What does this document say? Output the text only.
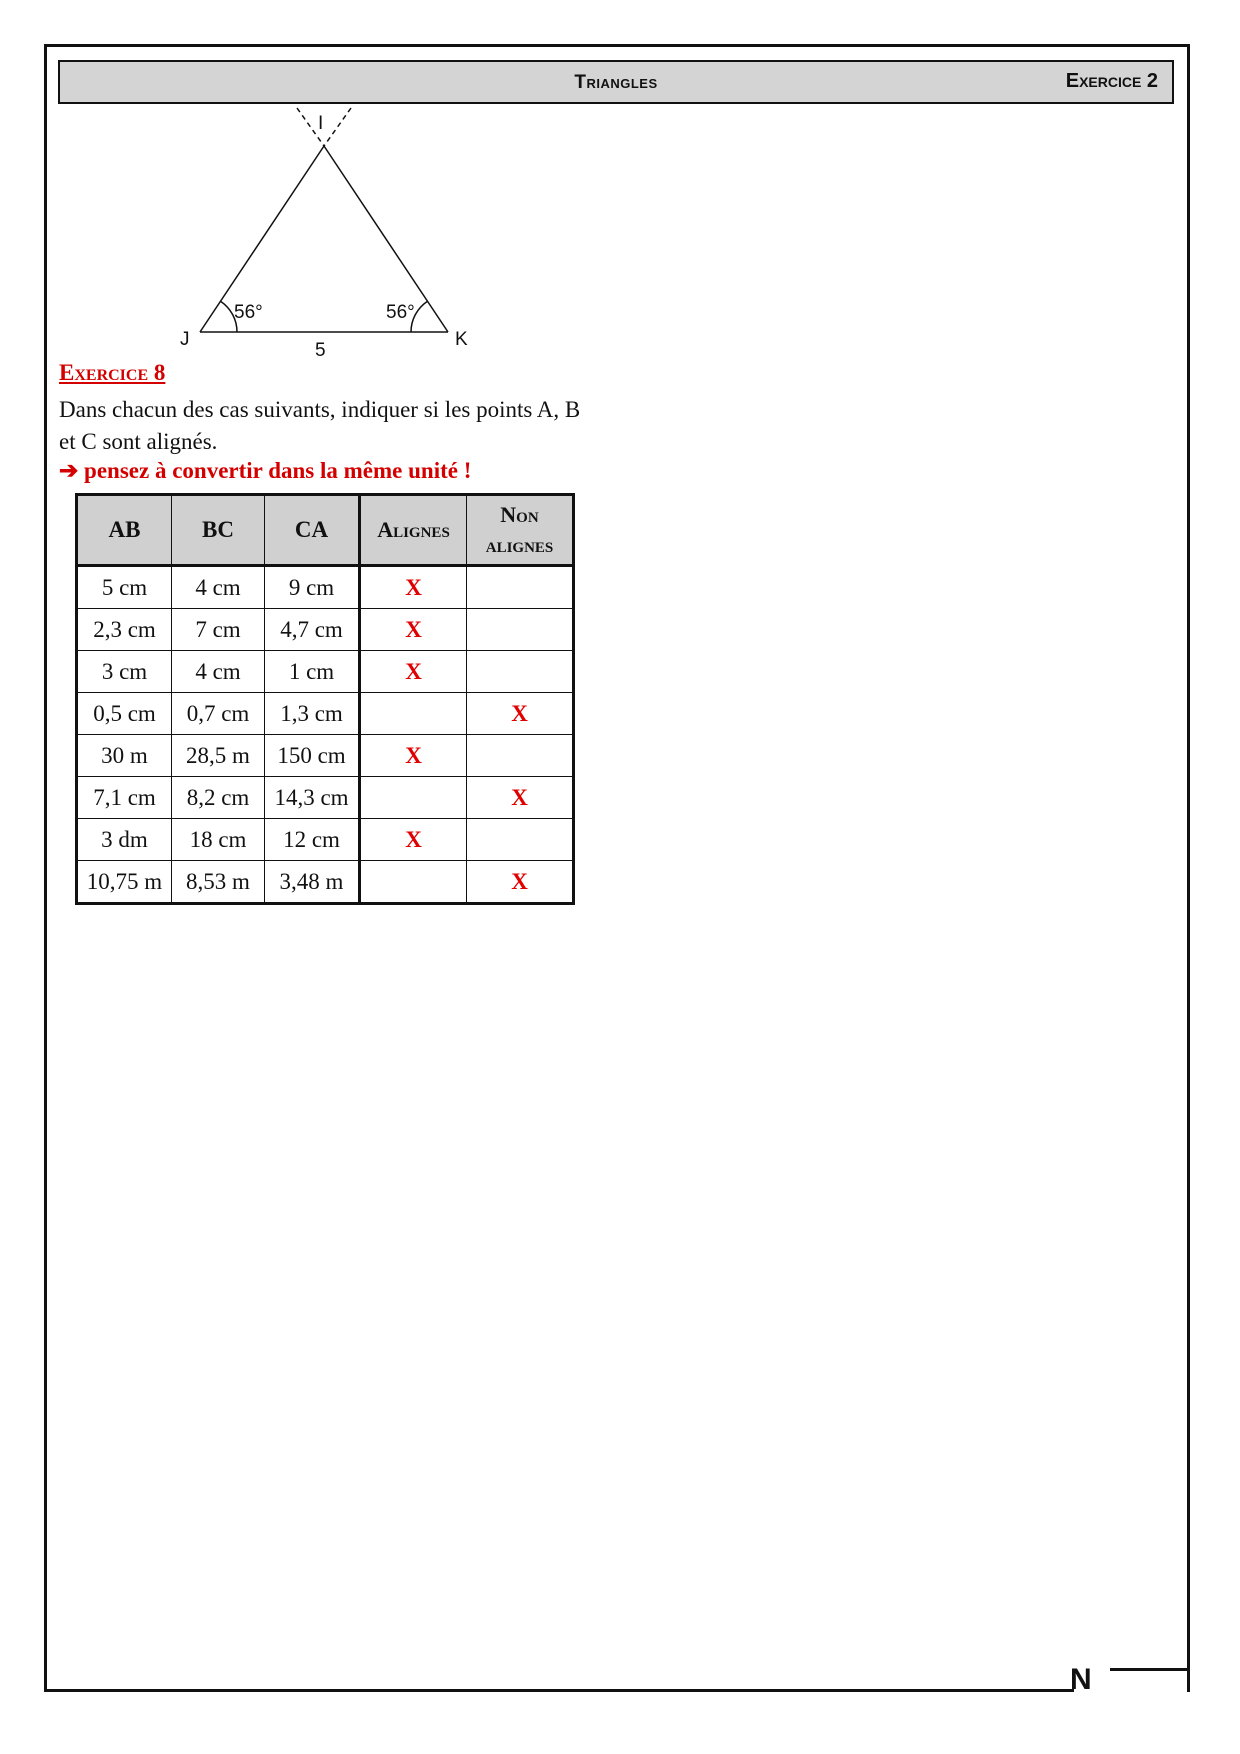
N
Triangles	Exercice 2
I
J	K
56°	56°
5
Exercice 8
Dans chacun des cas suivants, indiquer si les points A, B et C sont alignés.
➔ pensez à convertir dans la même unité !
AB	BC	CA	Alignes	Non alignes
5 cm	4 cm	9 cm	X	
2,3 cm	7 cm	4,7 cm	X	
3 cm	4 cm	1 cm	X	
0,5 cm	0,7 cm	1,3 cm		X
30 m	28,5 m	150 cm	X	
7,1 cm	8,2 cm	14,3 cm		X
3 dm	18 cm	12 cm	X	
10,75 m	8,53 m	3,48 m		X
